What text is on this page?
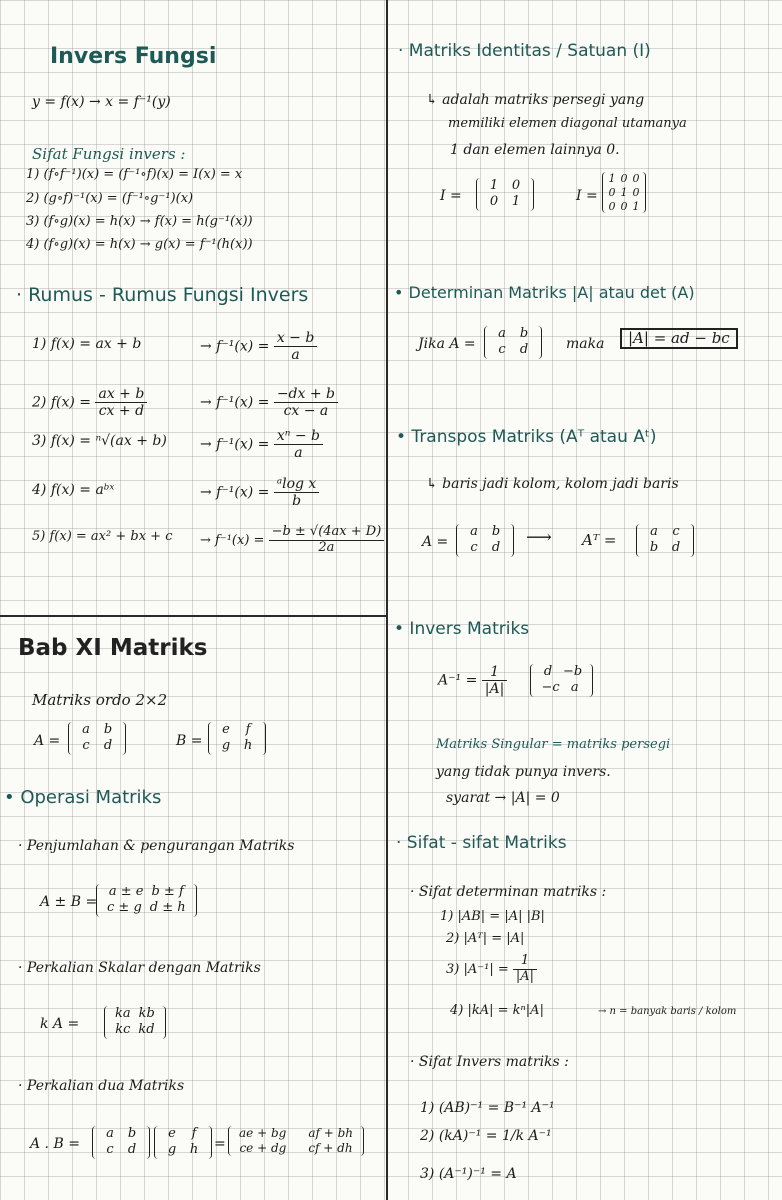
Invers Fungsi
y = f(x) → x = f⁻¹(y)
Sifat Fungsi invers :
1) (f∘f⁻¹)(x) = (f⁻¹∘f)(x) = I(x) = x
2) (g∘f)⁻¹(x) = (f⁻¹∘g⁻¹)(x)
3) (f∘g)(x) = h(x) → f(x) = h(g⁻¹(x))
4) (f∘g)(x) = h(x) → g(x) = f⁻¹(h(x))
· Rumus - Rumus Fungsi Invers
1) f(x) = ax + b	→ $f^{-1}(x) = \frac{x - b}{a}$
2) $f(x) = \frac{ax + b}{cx + d}$	→ $f^{-1}(x) = \frac{-dx + b}{cx - a}$
3) $f(x) = ^n√(ax + b) \to f^{-1}(x) = \frac{\text{xⁿ − b}}{a}$
4) f(x) = aᵇˣ	→ $f^{-1}(x) = \frac{\text{ᵃlog x}}{b}$
5) f(x) = ax² + bx + $c \to f^{-1}(x) = \frac{-b \pm √(4ax + D)}{2a}$
Bab XI Matriks
Matriks ordo 2×2
A =
a b
c d	B =
e f
g h
• Operasi Matriks
· Penjumlahan & pengurangan Matriks
A ± B =
a ± e b ± f
c ± g d ± h
· Perkalian Skalar dengan Matriks
k A =
ka kb
kc kd
· Perkalian dua Matriks
A . B =
a b
c d
e f
g h	=
ae + bg af + bh
ce + dg cf + dh
· Matriks Identitas / Satuan (I)
↳ adalah matriks persegi yang
memiliki elemen diagonal utamanya
1 dan elemen lainnya 0.
I =
1 0
0 1	I =
1 0 0
0 1 0
0 0 1
• Determinan Matriks |A| atau det (A)
Jika A =
a b
c d	maka	|A| = ad − bc
• Transpos Matriks (Aᵀ atau Aᵗ)
↳ baris jadi kolom, kolom jadi baris
A =
a b
c d	⟶ Aᵀ =	a c
b d
• Invers Matriks
$A^{-1} = \frac{1}{|A|}$	d −b
−c a
Matriks Singular = matriks persegi
yang tidak punya invers.
syarat → |A| = 0
· Sifat - sifat Matriks
· Sifat determinan matriks :
1) |AB| = |A| |B|
2) |Aᵀ| = |A|
3) $|A^{-1}| = \frac{1}{|A|}$
4) |kA| = kⁿ|A|	→ n = banyak baris / kolom
· Sifat Invers matriks :
1) (AB)⁻¹ = B⁻¹ A⁻¹
2) (kA)⁻¹ = 1/k A⁻¹
3) (A⁻¹)⁻¹ = A
